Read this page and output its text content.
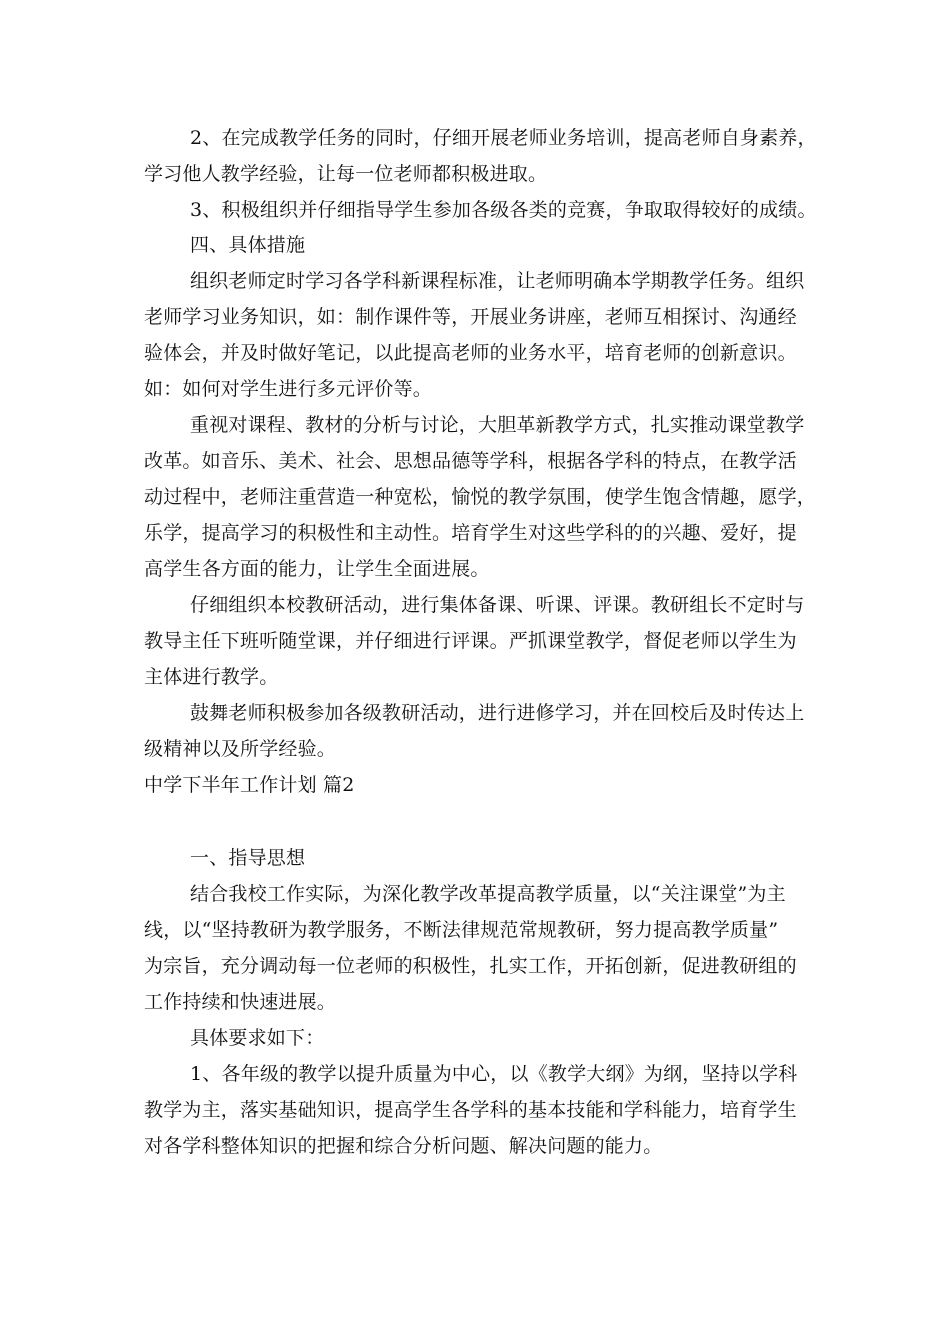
2、在完成教学任务的同时，仔细开展老师业务培训，提高老师自身素养，
学习他人教学经验，让每一位老师都积极进取。
3、积极组织并仔细指导学生参加各级各类的竞赛，争取取得较好的成绩。
四、具体措施
组织老师定时学习各学科新课程标准，让老师明确本学期教学任务。组织
老师学习业务知识，如：制作课件等，开展业务讲座，老师互相探讨、沟通经
验体会，并及时做好笔记，以此提高老师的业务水平，培育老师的创新意识。
如：如何对学生进行多元评价等。
重视对课程、教材的分析与讨论，大胆革新教学方式，扎实推动课堂教学
改革。如音乐、美术、社会、思想品德等学科，根据各学科的特点，在教学活
动过程中，老师注重营造一种宽松，愉悦的教学氛围，使学生饱含情趣，愿学，
乐学，提高学习的积极性和主动性。培育学生对这些学科的的兴趣、爱好，提
高学生各方面的能力，让学生全面进展。
仔细组织本校教研活动，进行集体备课、听课、评课。教研组长不定时与
教导主任下班听随堂课，并仔细进行评课。严抓课堂教学，督促老师以学生为
主体进行教学。
鼓舞老师积极参加各级教研活动，进行进修学习，并在回校后及时传达上
级精神以及所学经验。
中学下半年工作计划 篇2
一、指导思想
结合我校工作实际，为深化教学改革提高教学质量，以“关注课堂”为主
线，以“坚持教研为教学服务，不断法律规范常规教研，努力提高教学质量”
为宗旨，充分调动每一位老师的积极性，扎实工作，开拓创新，促进教研组的
工作持续和快速进展。
具体要求如下：
1、各年级的教学以提升质量为中心，以《教学大纲》为纲，坚持以学科
教学为主，落实基础知识，提高学生各学科的基本技能和学科能力，培育学生
对各学科整体知识的把握和综合分析问题、解决问题的能力。
